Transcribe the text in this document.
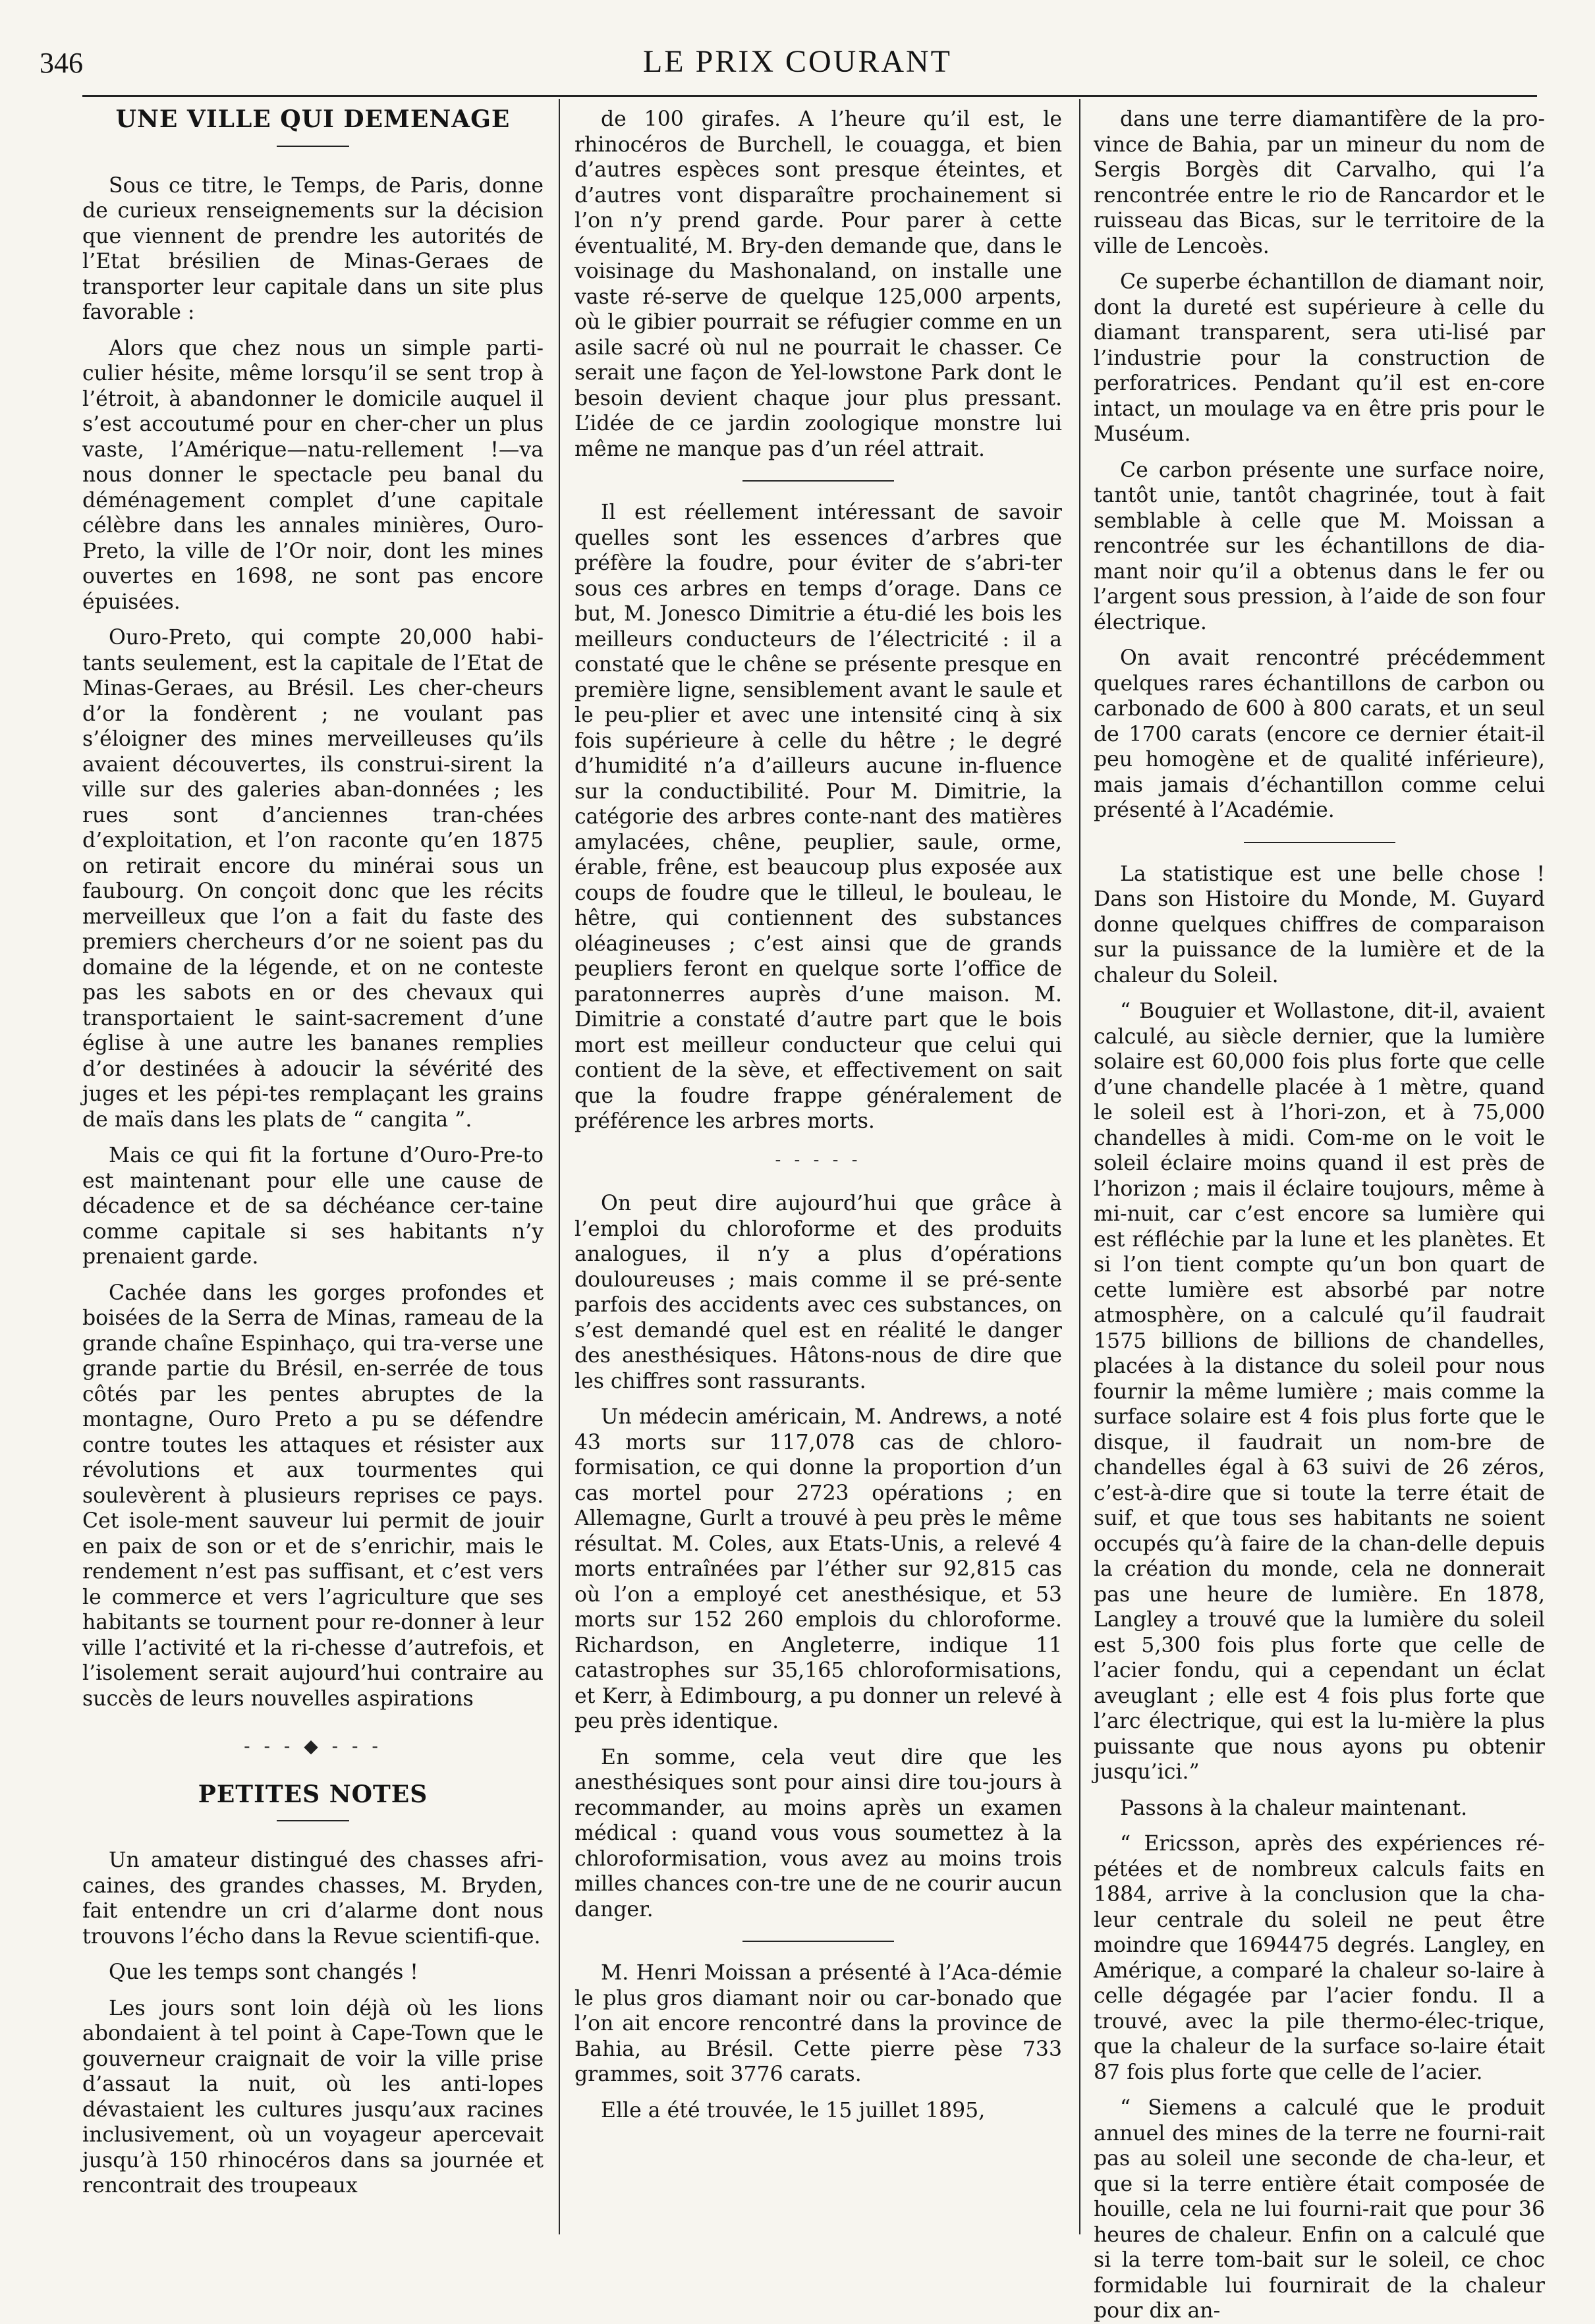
346	LE PRIX COURANT
UNE VILLE QUI DEMENAGE

Sous ce titre, le Temps, de Paris, donne de curieux renseignements sur la décision que viennent de prendre les autorités de l’Etat brésilien de Minas-Geraes de transporter leur capitale dans un site plus favorable :

Alors que chez nous un simple parti-culier hésite, même lorsqu’il se sent trop à l’étroit, à abandonner le domicile auquel il s’est accoutumé pour en cher-cher un plus vaste, l’Amérique—natu-rellement !—va nous donner le spectacle peu banal du déménagement complet d’une capitale célèbre dans les annales minières, Ouro-Preto, la ville de l’Or noir, dont les mines ouvertes en 1698, ne sont pas encore épuisées.

Ouro-Preto, qui compte 20,000 habi-tants seulement, est la capitale de l’Etat de Minas-Geraes, au Brésil. Les cher-cheurs d’or la fondèrent ; ne voulant pas s’éloigner des mines merveilleuses qu’ils avaient découvertes, ils construi-sirent la ville sur des galeries aban-données ; les rues sont d’anciennes tran-chées d’exploitation, et l’on raconte qu’en 1875 on retirait encore du minérai sous un faubourg. On conçoit donc que les récits merveilleux que l’on a fait du faste des premiers chercheurs d’or ne soient pas du domaine de la légende, et on ne conteste pas les sabots en or des chevaux qui transportaient le saint-sacrement d’une église à une autre les bananes remplies d’or destinées à adoucir la sévérité des juges et les pépi-tes remplaçant les grains de maïs dans les plats de “ cangita ”.

Mais ce qui fit la fortune d’Ouro-Pre-to est maintenant pour elle une cause de décadence et de sa déchéance cer-taine comme capitale si ses habitants n’y prenaient garde.

Cachée dans les gorges profondes et boisées de la Serra de Minas, rameau de la grande chaîne Espinhaço, qui tra-verse une grande partie du Brésil, en-serrée de tous côtés par les pentes abruptes de la montagne, Ouro Preto a pu se défendre contre toutes les attaques et résister aux révolutions et aux tourmentes qui soulevèrent à plusieurs reprises ce pays. Cet isole-ment sauveur lui permit de jouir en paix de son or et de s’enrichir, mais le rendement n’est pas suffisant, et c’est vers le commerce et vers l’agriculture que ses habitants se tournent pour re-donner à leur ville l’activité et la ri-chesse d’autrefois, et l’isolement serait aujourd’hui contraire au succès de leurs nouvelles aspirations

- - - ◆ - - -
PETITES NOTES

Un amateur distingué des chasses afri-caines, des grandes chasses, M. Bryden, fait entendre un cri d’alarme dont nous trouvons l’écho dans la Revue scientifi-que.

Que les temps sont changés !

Les jours sont loin déjà où les lions abondaient à tel point à Cape-Town que le gouverneur craignait de voir la ville prise d’assaut la nuit, où les anti-lopes dévastaient les cultures jusqu’aux racines inclusivement, où un voyageur apercevait jusqu’à 150 rhinocéros dans sa journée et rencontrait des troupeaux

de 100 girafes. A l’heure qu’il est, le rhinocéros de Burchell, le couagga, et bien d’autres espèces sont presque éteintes, et d’autres vont disparaître prochainement si l’on n’y prend garde. Pour parer à cette éventualité, M. Bry-den demande que, dans le voisinage du Mashonaland, on installe une vaste ré-serve de quelque 125,000 arpents, où le gibier pourrait se réfugier comme en un asile sacré où nul ne pourrait le chasser. Ce serait une façon de Yel-lowstone Park dont le besoin devient chaque jour plus pressant. L’idée de ce jardin zoologique monstre lui même ne manque pas d’un réel attrait.

Il est réellement intéressant de savoir quelles sont les essences d’arbres que préfère la foudre, pour éviter de s’abri-ter sous ces arbres en temps d’orage. Dans ce but, M. Jonesco Dimitrie a étu-dié les bois les meilleurs conducteurs de l’électricité : il a constaté que le chêne se présente presque en première ligne, sensiblement avant le saule et le peu-plier et avec une intensité cinq à six fois supérieure à celle du hêtre ; le degré d’humidité n’a d’ailleurs aucune in-fluence sur la conductibilité. Pour M. Dimitrie, la catégorie des arbres conte-nant des matières amylacées, chêne, peuplier, saule, orme, érable, frêne, est beaucoup plus exposée aux coups de foudre que le tilleul, le bouleau, le hêtre, qui contiennent des substances oléagineuses ; c’est ainsi que de grands peupliers feront en quelque sorte l’office de paratonnerres auprès d’une maison. M. Dimitrie a constaté d’autre part que le bois mort est meilleur conducteur que celui qui contient de la sève, et effectivement on sait que la foudre frappe généralement de préférence les arbres morts.

- - - - -

On peut dire aujourd’hui que grâce à l’emploi du chloroforme et des produits analogues, il n’y a plus d’opérations douloureuses ; mais comme il se pré-sente parfois des accidents avec ces substances, on s’est demandé quel est en réalité le danger des anesthésiques. Hâtons-nous de dire que les chiffres sont rassurants.

Un médecin américain, M. Andrews, a noté 43 morts sur 117,078 cas de chloro-formisation, ce qui donne la proportion d’un cas mortel pour 2723 opérations ; en Allemagne, Gurlt a trouvé à peu près le même résultat. M. Coles, aux Etats-Unis, a relevé 4 morts entraînées par l’éther sur 92,815 cas où l’on a employé cet anesthésique, et 53 morts sur 152 260 emplois du chloroforme. Richardson, en Angleterre, indique 11 catastrophes sur 35,165 chloroformisations, et Kerr, à Edimbourg, a pu donner un relevé à peu près identique.

En somme, cela veut dire que les anesthésiques sont pour ainsi dire tou-jours à recommander, au moins après un examen médical : quand vous vous soumettez à la chloroformisation, vous avez au moins trois milles chances con-tre une de ne courir aucun danger.

M. Henri Moissan a présenté à l’Aca-démie le plus gros diamant noir ou car-bonado que l’on ait encore rencontré dans la province de Bahia, au Brésil. Cette pierre pèse 733 grammes, soit 3776 carats.

Elle a été trouvée, le 15 juillet 1895,

dans une terre diamantifère de la pro-vince de Bahia, par un mineur du nom de Sergis Borgès dit Carvalho, qui l’a rencontrée entre le rio de Rancardor et le ruisseau das Bicas, sur le territoire de la ville de Lencoès.

Ce superbe échantillon de diamant noir, dont la dureté est supérieure à celle du diamant transparent, sera uti-lisé par l’industrie pour la construction de perforatrices. Pendant qu’il est en-core intact, un moulage va en être pris pour le Muséum.

Ce carbon présente une surface noire, tantôt unie, tantôt chagrinée, tout à fait semblable à celle que M. Moissan a rencontrée sur les échantillons de dia-mant noir qu’il a obtenus dans le fer ou l’argent sous pression, à l’aide de son four électrique.

On avait rencontré précédemment quelques rares échantillons de carbon ou carbonado de 600 à 800 carats, et un seul de 1700 carats (encore ce dernier était-il peu homogène et de qualité inférieure), mais jamais d’échantillon comme celui présenté à l’Académie.

La statistique est une belle chose ! Dans son Histoire du Monde, M. Guyard donne quelques chiffres de comparaison sur la puissance de la lumière et de la chaleur du Soleil.

“ Bouguier et Wollastone, dit-il, avaient calculé, au siècle dernier, que la lumière solaire est 60,000 fois plus forte que celle d’une chandelle placée à 1 mètre, quand le soleil est à l’hori-zon, et à 75,000 chandelles à midi. Com-me on le voit le soleil éclaire moins quand il est près de l’horizon ; mais il éclaire toujours, même à mi-nuit, car c’est encore sa lumière qui est réfléchie par la lune et les planètes. Et si l’on tient compte qu’un bon quart de cette lumière est absorbé par notre atmosphère, on a calculé qu’il faudrait 1575 billions de billions de chandelles, placées à la distance du soleil pour nous fournir la même lumière ; mais comme la surface solaire est 4 fois plus forte que le disque, il faudrait un nom-bre de chandelles égal à 63 suivi de 26 zéros, c’est-à-dire que si toute la terre était de suif, et que tous ses habitants ne soient occupés qu’à faire de la chan-delle depuis la création du monde, cela ne donnerait pas une heure de lumière. En 1878, Langley a trouvé que la lumière du soleil est 5,300 fois plus forte que celle de l’acier fondu, qui a cependant un éclat aveuglant ; elle est 4 fois plus forte que l’arc électrique, qui est la lu-mière la plus puissante que nous ayons pu obtenir jusqu’ici.”

Passons à la chaleur maintenant.

“ Ericsson, après des expériences ré-pétées et de nombreux calculs faits en 1884, arrive à la conclusion que la cha-leur centrale du soleil ne peut être moindre que 1694475 degrés. Langley, en Amérique, a comparé la chaleur so-laire à celle dégagée par l’acier fondu. Il a trouvé, avec la pile thermo-élec-trique, que la chaleur de la surface so-laire était 87 fois plus forte que celle de l’acier.

“ Siemens a calculé que le produit annuel des mines de la terre ne fourni-rait pas au soleil une seconde de cha-leur, et que si la terre entière était composée de houille, cela ne lui fourni-rait que pour 36 heures de chaleur. Enfin on a calculé que si la terre tom-bait sur le soleil, ce choc formidable lui fournirait de la chaleur pour dix an-
